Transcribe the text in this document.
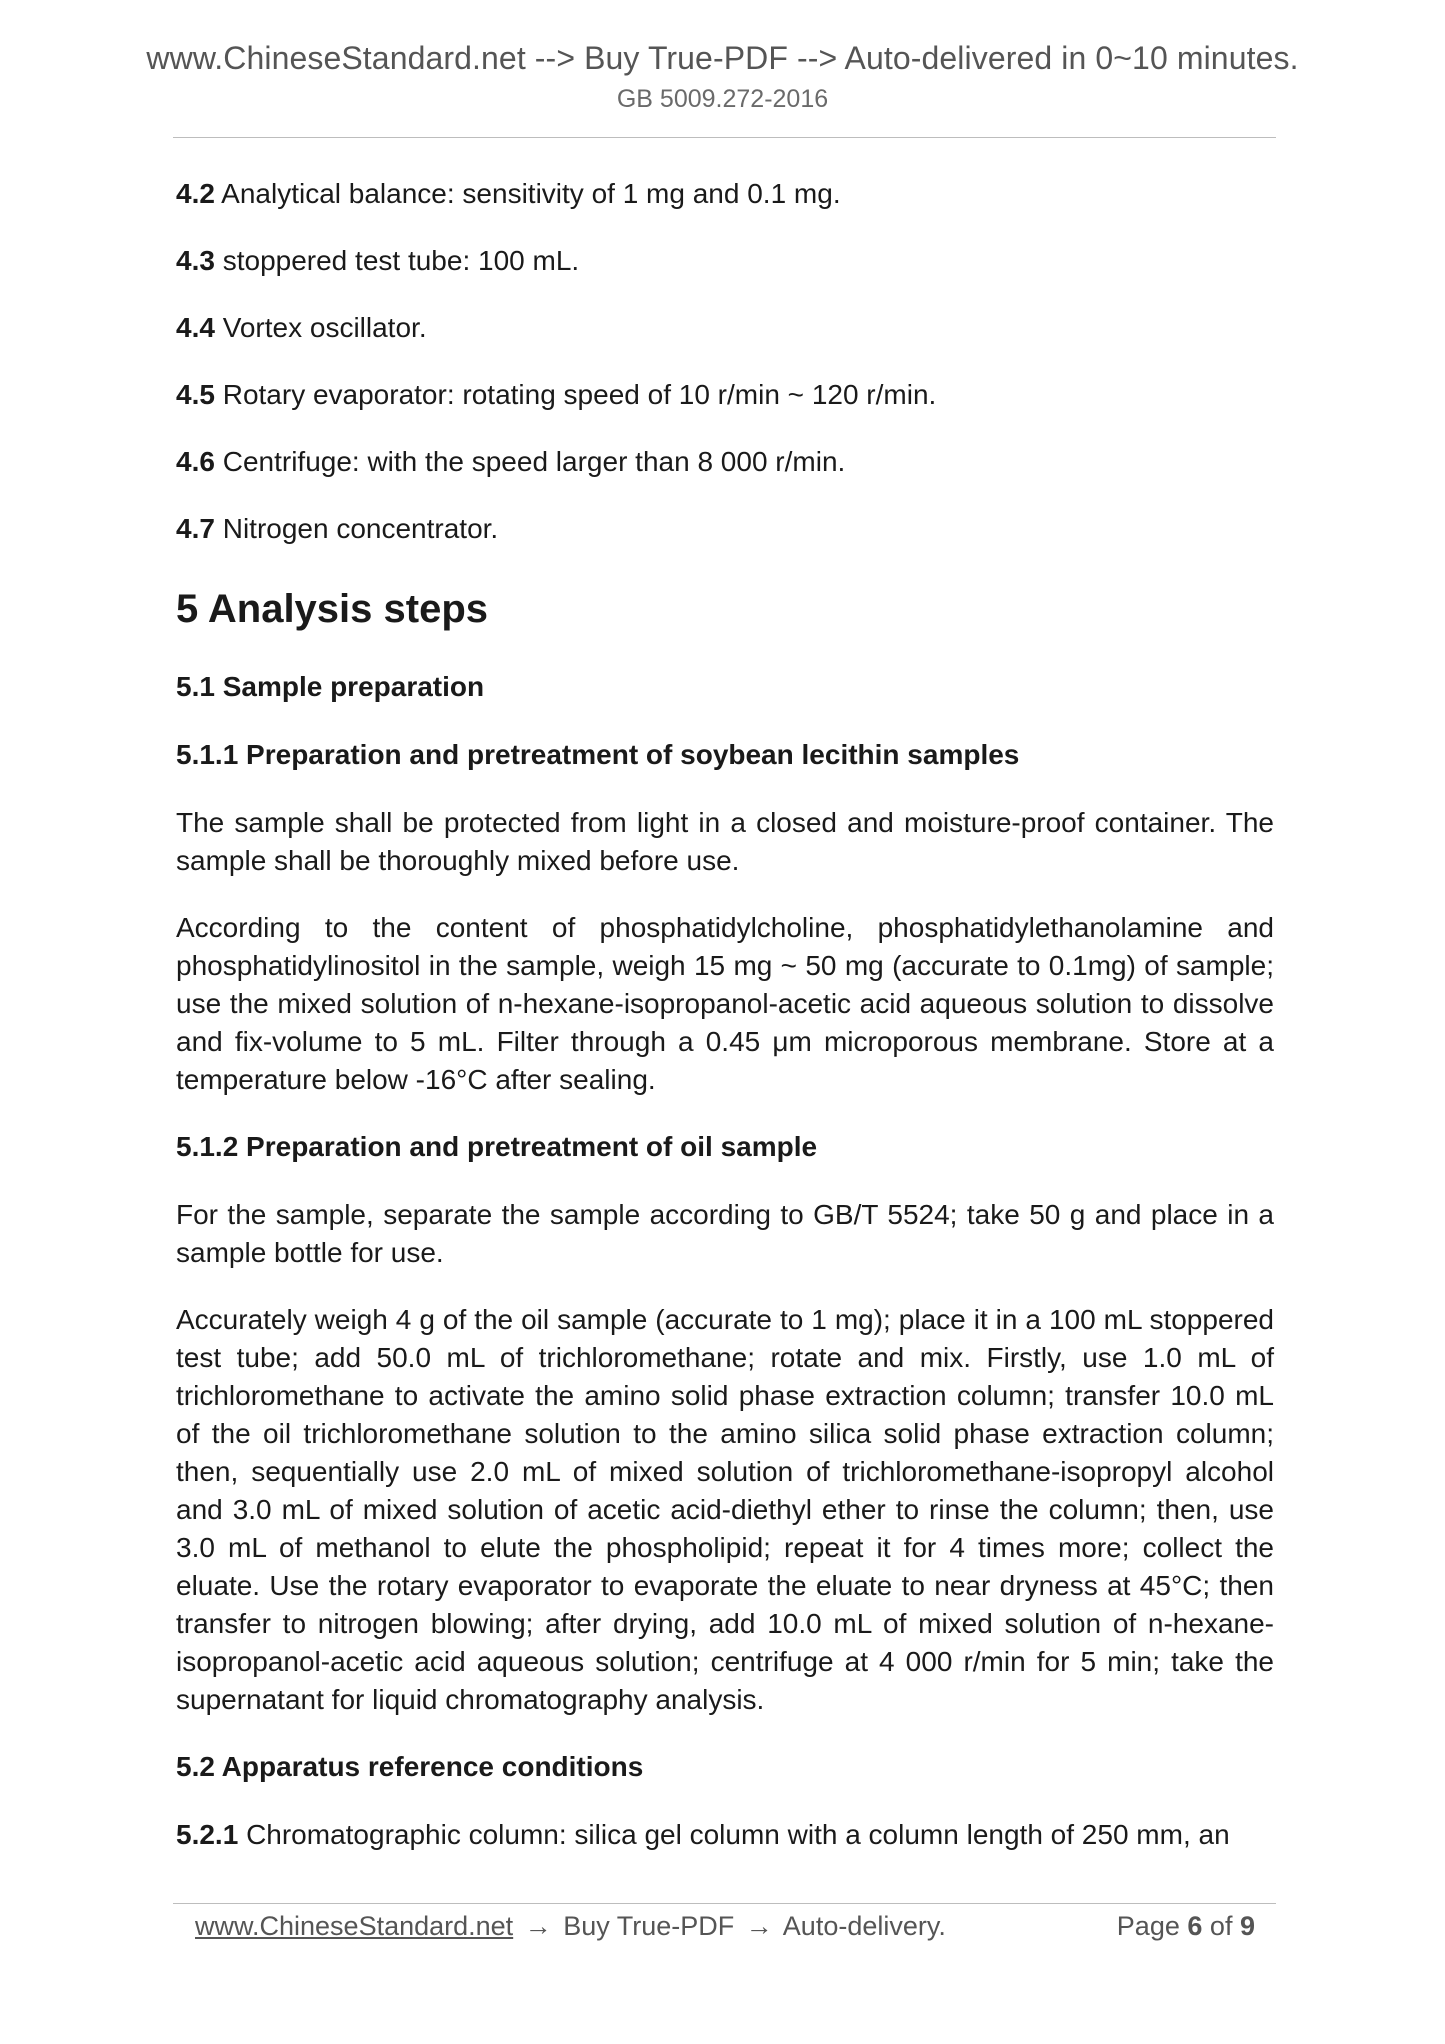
www.ChineseStandard.net --> Buy True-PDF --> Auto-delivered in 0~10 minutes.
GB 5009.272-2016

4.2 Analytical balance: sensitivity of 1 mg and 0.1 mg.

4.3 stoppered test tube: 100 mL.

4.4 Vortex oscillator.

4.5 Rotary evaporator: rotating speed of 10 r/min ~ 120 r/min.

4.6 Centrifuge: with the speed larger than 8 000 r/min.

4.7 Nitrogen concentrator.

5 Analysis steps
5.1 Sample preparation
5.1.1 Preparation and pretreatment of soybean lecithin samples

The sample shall be protected from light in a closed and moisture-proof container. The sample shall be thoroughly mixed before use.

According to the content of phosphatidylcholine, phosphatidylethanolamine and phosphatidylinositol in the sample, weigh 15 mg ~ 50 mg (accurate to 0.1mg) of sample; use the mixed solution of n-hexane-isopropanol-acetic acid aqueous solution to dissolve and fix-volume to 5 mL. Filter through a 0.45 μm microporous membrane. Store at a temperature below -16°C after sealing.

5.1.2 Preparation and pretreatment of oil sample

For the sample, separate the sample according to GB/T 5524; take 50 g and place in a sample bottle for use.

Accurately weigh 4 g of the oil sample (accurate to 1 mg); place it in a 100 mL stoppered test tube; add 50.0 mL of trichloromethane; rotate and mix. Firstly, use 1.0 mL of trichloromethane to activate the amino solid phase extraction column; transfer 10.0 mL of the oil trichloromethane solution to the amino silica solid phase extraction column; then, sequentially use 2.0 mL of mixed solution of trichloromethane-isopropyl alcohol and 3.0 mL of mixed solution of acetic acid-diethyl ether to rinse the column; then, use 3.0 mL of methanol to elute the phospholipid; repeat it for 4 times more; collect the eluate. Use the rotary evaporator to evaporate the eluate to near dryness at 45°C; then transfer to nitrogen blowing; after drying, add 10.0 mL of mixed solution of n-hexane-isopropanol-acetic acid aqueous solution; centrifuge at 4 000 r/min for 5 min; take the supernatant for liquid chromatography analysis.

5.2 Apparatus reference conditions

5.2.1 Chromatographic column: silica gel column with a column length of 250 mm, an

www.ChineseStandard.net → Buy True-PDF → Auto-delivery.	Page 6 of 9
